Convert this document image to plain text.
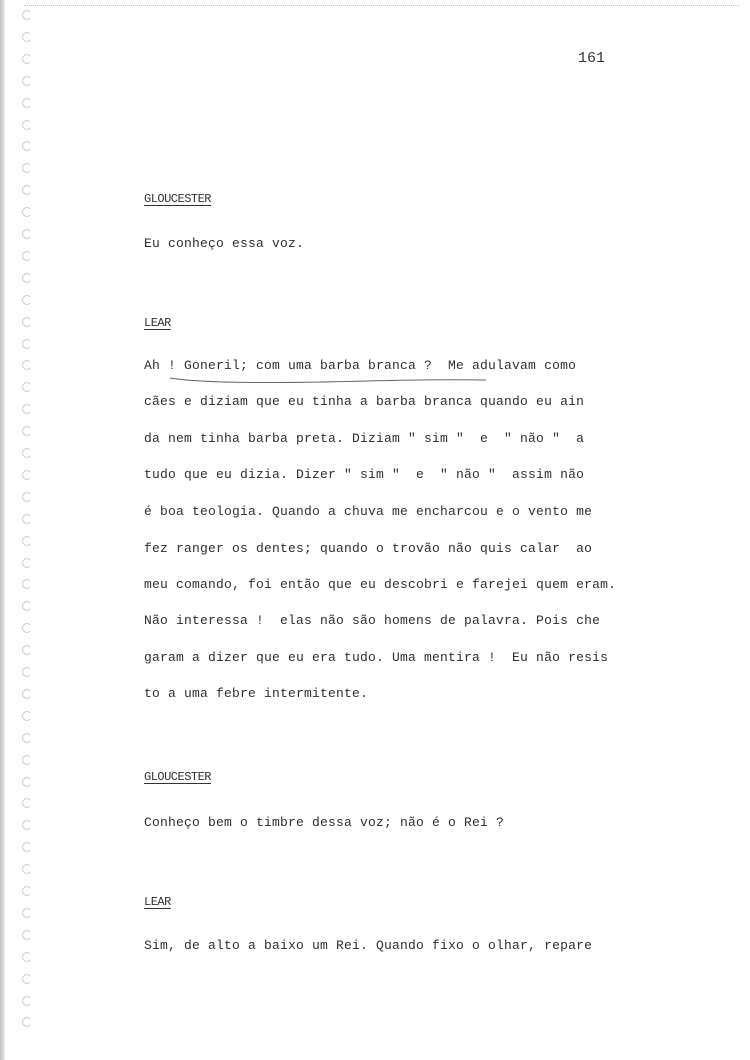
161
GLOUCESTER
Eu conheço essa voz.
LEAR
Ah ! Goneril; com uma barba branca ?  Me adulavam como
cães e diziam que eu tinha a barba branca quando eu ain
da nem tinha barba preta. Diziam " sim "  e  " não "  a
tudo que eu dizia. Dizer " sim "  e  " não "  assim não
é boa teologia. Quando a chuva me encharcou e o vento me
fez ranger os dentes; quando o trovão não quis calar  ao
meu comando, foi então que eu descobri e farejei quem eram.
Não interessa !  elas não são homens de palavra. Pois che
garam a dizer que eu era tudo. Uma mentira !  Eu não resis
to a uma febre intermitente.
GLOUCESTER
Conheço bem o timbre dessa voz; não é o Rei ?
LEAR
Sim, de alto a baixo um Rei. Quando fixo o olhar, repare
